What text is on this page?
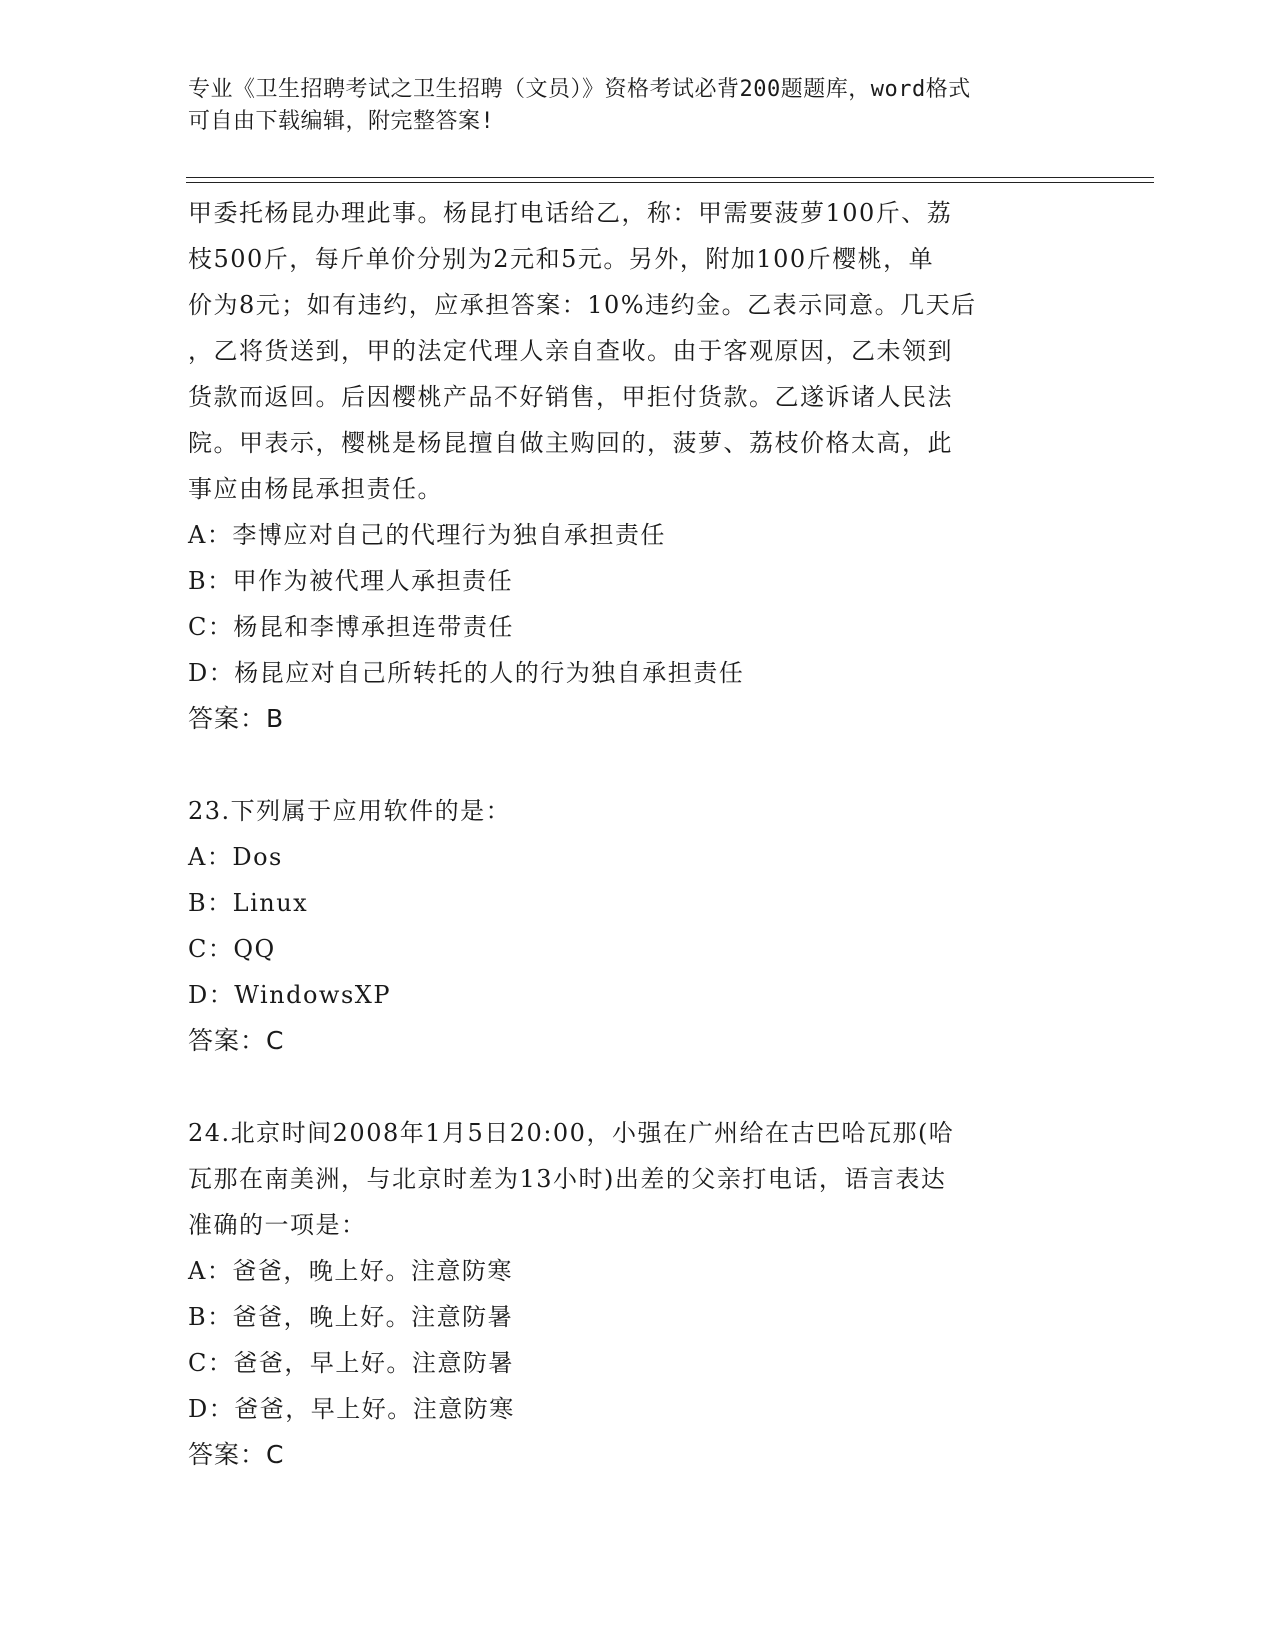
专业《卫生招聘考试之卫生招聘（文员）》资格考试必背200题题库，word格式
可自由下载编辑，附完整答案!

甲委托杨昆办理此事。杨昆打电话给乙，称：甲需要菠萝100斤、荔

枝500斤，每斤单价分别为2元和5元。另外，附加100斤樱桃，单

价为8元；如有违约，应承担答案：10%违约金。乙表示同意。几天后

，乙将货送到，甲的法定代理人亲自查收。由于客观原因，乙未领到

货款而返回。后因樱桃产品不好销售，甲拒付货款。乙遂诉诸人民法

院。甲表示，樱桃是杨昆擅自做主购回的，菠萝、荔枝价格太高，此

事应由杨昆承担责任。

A：李博应对自己的代理行为独自承担责任

B：甲作为被代理人承担责任

C：杨昆和李博承担连带责任

D：杨昆应对自己所转托的人的行为独自承担责任

答案：B

23.下列属于应用软件的是：

A：Dos

B：Linux

C：QQ

D：WindowsXP

答案：C

24.北京时间2008年1月5日20:00，小强在广州给在古巴哈瓦那(哈

瓦那在南美洲，与北京时差为13小时)出差的父亲打电话，语言表达

准确的一项是：

A：爸爸，晚上好。注意防寒

B：爸爸，晚上好。注意防暑

C：爸爸，早上好。注意防暑

D：爸爸，早上好。注意防寒

答案：C
